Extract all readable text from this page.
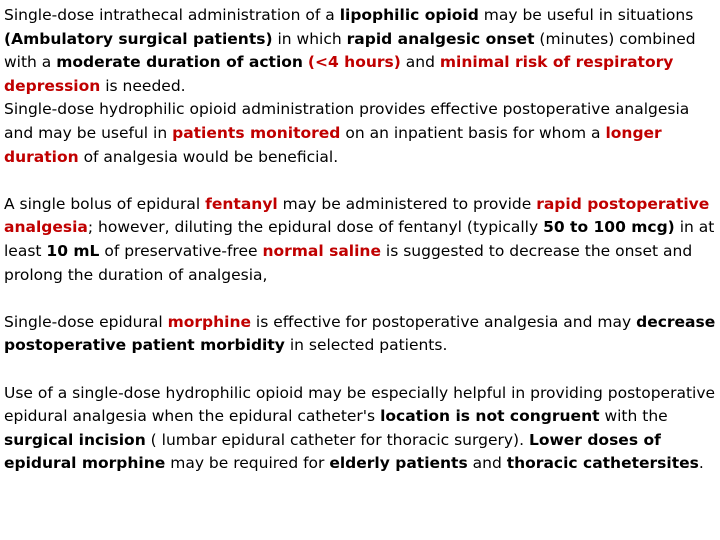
Single-dose intrathecal administration of a lipophilic opioid may be useful in situations (Ambulatory surgical patients) in which rapid analgesic onset (minutes) combined with a moderate duration of action (<4 hours) and minimal risk of respiratory depression is needed.

Single-dose hydrophilic opioid administration provides effective postoperative analgesia and may be useful in patients monitored on an inpatient basis for whom a longer duration of analgesia would be beneficial.

A single bolus of epidural fentanyl may be administered to provide rapid postoperative analgesia; however, diluting the epidural dose of fentanyl (typically 50 to 100 mcg) in at least 10 mL of preservative-free normal saline is suggested to decrease the onset and prolong the duration of analgesia,

Single-dose epidural morphine is effective for postoperative analgesia and may decrease postoperative patient morbidity in selected patients.

Use of a single-dose hydrophilic opioid may be especially helpful in providing postoperative epidural analgesia when the epidural catheter's location is not congruent with the surgical incision ( lumbar epidural catheter for thoracic surgery). Lower doses of epidural morphine may be required for elderly patients and thoracic cathetersites.
